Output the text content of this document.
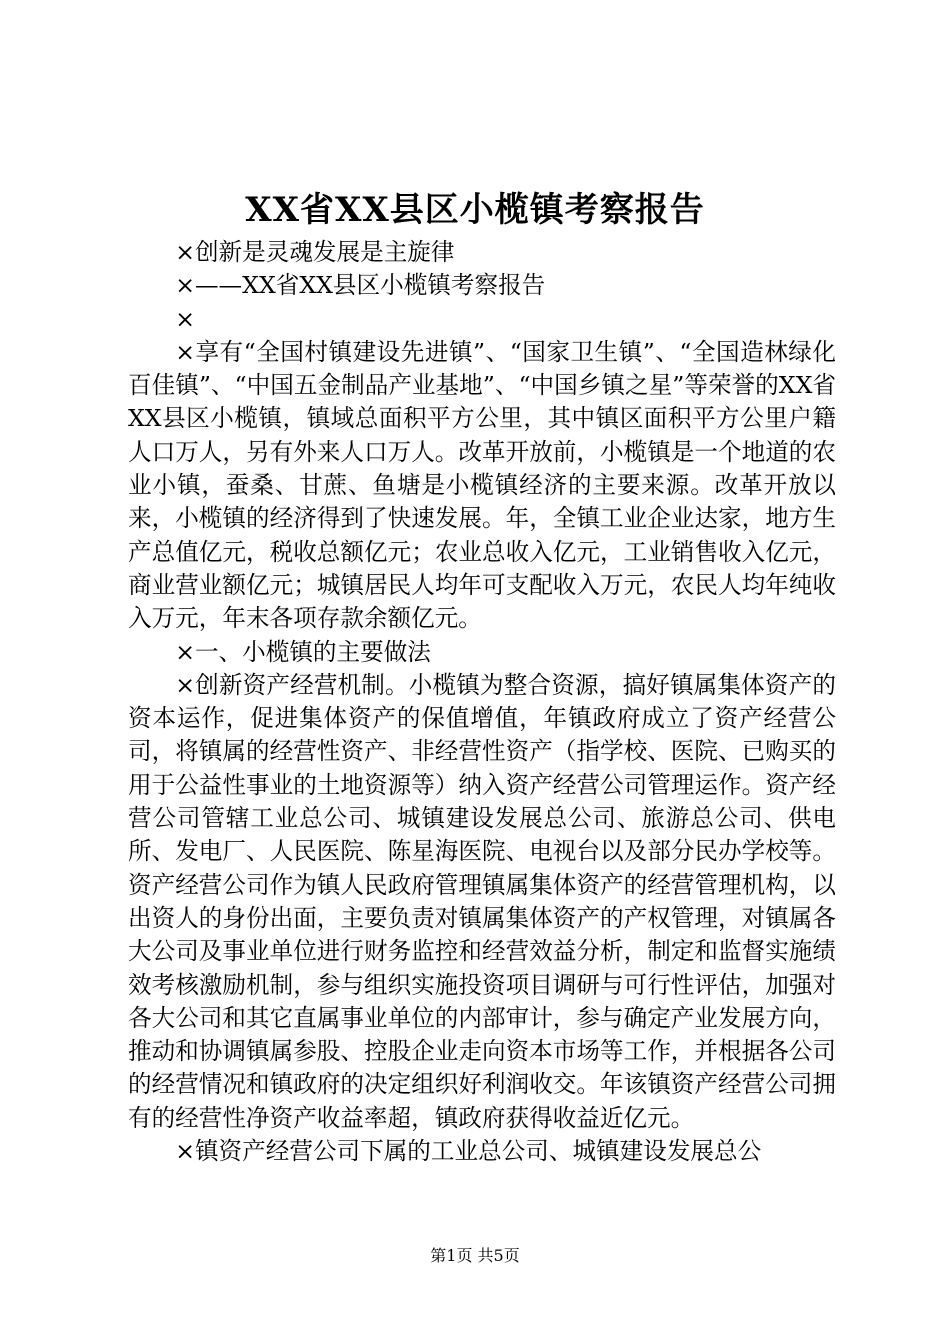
XX省XX县区小榄镇考察报告

×创新是灵魂发展是主旋律

×——XX省XX县区小榄镇考察报告

×

×享有“全国村镇建设先进镇”、“国家卫生镇”、“全国造林绿化百佳镇”、“中国五金制品产业基地”、“中国乡镇之星”等荣誉的XX省XX县区小榄镇，镇域总面积平方公里，其中镇区面积平方公里户籍人口万人，另有外来人口万人。改革开放前，小榄镇是一个地道的农业小镇，蚕桑、甘蔗、鱼塘是小榄镇经济的主要来源。改革开放以来，小榄镇的经济得到了快速发展。年，全镇工业企业达家，地方生产总值亿元，税收总额亿元；农业总收入亿元，工业销售收入亿元，商业营业额亿元；城镇居民人均年可支配收入万元，农民人均年纯收入万元，年末各项存款余额亿元。

×一、小榄镇的主要做法

×创新资产经营机制。小榄镇为整合资源，搞好镇属集体资产的资本运作，促进集体资产的保值增值，年镇政府成立了资产经营公司，将镇属的经营性资产、非经营性资产（指学校、医院、已购买的用于公益性事业的土地资源等）纳入资产经营公司管理运作。资产经营公司管辖工业总公司、城镇建设发展总公司、旅游总公司、供电所、发电厂、人民医院、陈星海医院、电视台以及部分民办学校等。资产经营公司作为镇人民政府管理镇属集体资产的经营管理机构，以出资人的身份出面，主要负责对镇属集体资产的产权管理，对镇属各大公司及事业单位进行财务监控和经营效益分析，制定和监督实施绩效考核激励机制，参与组织实施投资项目调研与可行性评估，加强对各大公司和其它直属事业单位的内部审计，参与确定产业发展方向，推动和协调镇属参股、控股企业走向资本市场等工作，并根据各公司的经营情况和镇政府的决定组织好利润收交。年该镇资产经营公司拥有的经营性净资产收益率超，镇政府获得收益近亿元。

×镇资产经营公司下属的工业总公司、城镇建设发展总公

第1页 共5页
